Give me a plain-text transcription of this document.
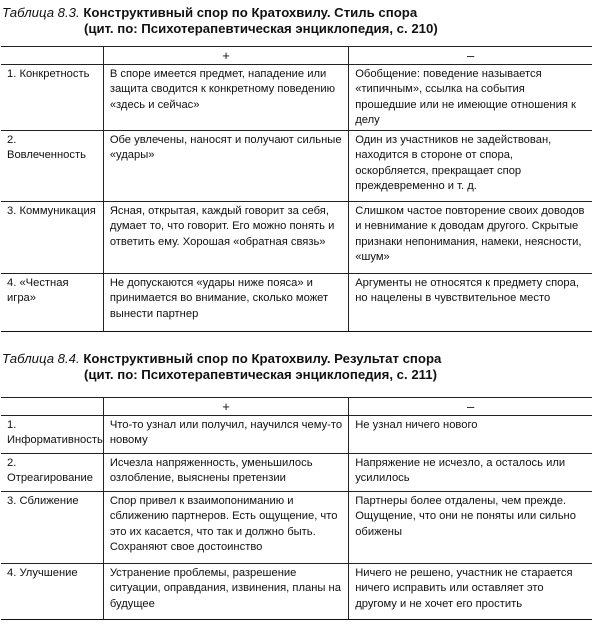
Таблица 8.3. Конструктивный спор по Кратохвилу. Стиль спора
(цит. по: Психотерапевтическая энциклопедия, с. 210)

	+	–
1. Конкретность	В споре имеется предмет, нападение или защита сводится к конкретному поведению «здесь и сейчас»	Обобщение: поведение называется «типичным», ссылка на события прошедшие или не имеющие отношения к делу
2. Вовлеченность	Обе увлечены, наносят и получают сильные «удары»	Один из участников не задействован, находится в стороне от спора, оскорбляется, прекращает спор преждевременно и т. д.
3. Коммуникация	Ясная, открытая, каждый говорит за себя, думает то, что говорит. Его можно понять и ответить ему. Хорошая «обратная связь»	Слишком частое повторение своих доводов и невнимание к доводам другого. Скрытые признаки непонимания, намеки, неясности, «шум»
4. «Честная игра»	Не допускаются «удары ниже пояса» и принимается во внимание, сколько может вынести партнер	Аргументы не относятся к предмету спора, но нацелены в чувствительное место

Таблица 8.4. Конструктивный спор по Кратохвилу. Результат спора
(цит. по: Психотерапевтическая энциклопедия, с. 211)

	+	–
1. Информативность	Что-то узнал или получил, научился чему-то новому	Не узнал ничего нового
2. Отреагирование	Исчезла напряженность, уменьшилось озлобление, выяснены претензии	Напряжение не исчезло, а осталось или усилилось
3. Сближение	Спор привел к взаимопониманию и сближению партнеров. Есть ощущение, что это их касается, что так и должно быть. Сохраняют свое достоинство	Партнеры более отдалены, чем прежде. Ощущение, что они не поняты или сильно обижены
4. Улучшение	Устранение проблемы, разрешение ситуации, оправдания, извинения, планы на будущее	Ничего не решено, участник не старается ничего исправить или оставляет это другому и не хочет его простить
